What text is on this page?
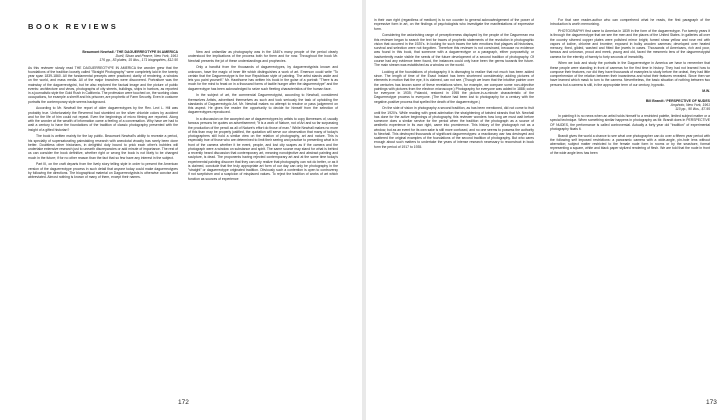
BOOK REVIEWS
Beaumont Newhall / THE DAGUERREOTYPE IN AMERICA
Duell, Sloan and Pearce, New York, 1961
176 pp., 83 plates, 15 illus., 171 biographies, $12.50

As this reviewer slowly read THE DAGUERREOTYPE IN AMERICA the wonder grew that the foundations of the tradition loosely called "Straight Photography" were completely laid in the twenty year span 1839-1860. All the fundamental precepts were practiced; clarity of rendering, a window on the world, and mass media. All of the major branches were discovered. Portraiture was the mainstay of the daguerreotypist, but he also explored the factual image and the picture of public events: architecture and views, photographs of city streets, buildings, ships in harbors, as reported in a journalistic style the Gold Rush in California. The profession were touched on, the working class occupations, for example a sheriff and his prisoner, are prophetic of Farm Security. Even in costume portraits the contemporary style seems background.

According to Mr. Newhall the report of older daguerreotypes by the Rev. Levi L. Hill was probably true. Unfortunately the Reverend had stumbled on the silver chloride colors by accident and for the life of him could not repeat. Even the beginnings of micro filming are reported. Along with the wonder at the wealth of information came a feeling of a conversation. Why have we had to wait a century to have the foundations of the tradition of classic photography presented with the insight of a gifted historian?

The book is written mainly for the lay public. Beaumont Newhall's ability to recreate a period, his specialty of supersaturating painstaking research with anecdotal vivacity has rarely been done better. Doubtless other historians, in delightful duty bound to prick each other's bubbles will undertake extensive research just to unearth discrepancies or add minute of importance. The rest of us can consider the book definitive, whether right or wrong the book is not likely to be changed much in the future; if for no other reason than the fact that so few have any interest in the subject.

Part III, on the craft departs from the lively story telling style in order to present the American version of the daguerreotype process in such detail that anyone today could make daguerreotypes by following the directions. The biographical material on Daguerreotypists is otherwise concise and abbreviated. Almost nothing is known of many of them, except their names.

New and unfamiliar as photography was in the 1840's many people of the period clearly understood the implications of the process both for them and for now. Throughout the book Mr. Newhall presents the jot of these understandings and prophecies.

Only a handful from the thousands of daguerreotypes, by daguerreotypists known and unknown, have the magic of inner life which distinguishes a work of art. Emerson could write "To certain that the Daguerreotype is the true Republican style of painting. The artist stands aside and lets you paint yourself." Mr. Hawthorne has written his book in the guise of a portrait: "There is as much for the mind to feast on in a thousand forms of tactile hunger after the daguerreotype" and the daguerreotype has been acknowledged to seize such fleeting characteristics of the human face.

In the subject of art, the commercial Daguerreotypist, according to Newhall, considered themselves Artists, advertised themselves as such and took seriously the task of upholding the standards of Daguerreotypic Art. Mr. Newhall makes no attempt to resolve or pass judgement on this aspect. He gives the reader the opportunity to decide for himself from the selection of daguerreotypes reproduced.

In a discussion on the accepted use of daguerreotypes by artists to copy likenesses of, usually famous persons he quotes an advertisement; "It is a work of Nature, not of Art and so far surpassing the production of the pencil as all of Nature's effort do those of man." While Newhall makes no more of this than may be properly justified, the quotation will serve our observation that many of today's photographers still hold a similar view on the relation of photography, art and nature. This is especially true of those who are determined to limit their seeing and practice to presenting what is in front of the camera whether it be event, people, and lost city scapes as if the camera and the photograph were a window on substance and spirit. The same source may stand for what is behind a recently heard discussion that contemporary art, meaning nonobjective and abstract painting and sculpture, is dead. The proponents having rejected contemporary art and at the same time today's experimental painting discover that they can only realize that photography can not do better, or as it is claimed, conclude that the truly appropriate art form of our day can only be photography in the "straight" or daguerreotype originated tradition. Obviously such a contention is open to controversy if not scepticism and a suspicion of misplaced values. To reject the tradition of works of art which function as sources of experience

172

in their own right (regardless of medium) is to run counter to general acknowledgement of the power of expressive form in art, on the findings of psychologists who investigate the manifestations of expressive form.

Considering the astonishing range of perceptiveness displayed by the people of the Daguerrean era this reviewer began to search the text for traces of prophetic statements of the revolution in photographic vision that occurred in the 1920's. In looking for such traces the twin emotions that plagues all historians, survival and selection were not forgotten. Therefore this reviewer is not convinced, because no evidence was found in this book, that someone with a daguerreotype or a paragraph, either purposefully, or inadvertently made visible the seeds of the future development of a second tradition of photography. Of course had any evidence been found, the instances could only have been the germs towards the future. The main stream was established as a window on the world.

Looking at the foundations of photography it is dismaying to realize that not much has been added since. The length of time of the Exact Instant has been shortened considerably; adding pictures of elements in motion that the eye, it is claimed, can not see. (Though we learn that the intuitive painter over the centuries has known some of these revelations when, for example, we compare some non-objective paintings with pictures from the electron microscope.) Photography for everyone was added in 1888; color for everyone in 1935; Polaroid, restored in 1955 the picture-in-a-minute characteristic of the Daguerreotype process to everyone. (The feature had been lost to photography for a century with the negative-positive process that spelled the death of the daguerreotype.)

On the side of vision in photography a second tradition, as has been mentioned, did not come to fruit until the 1920's. While reading with great admiration the straightening of twisted strands that Mr. Newhall has done for the active beginnings of photography, this reviewer wonders how long we must wait before someone does a similar service for the period when the tradition of the photograph as a source of aesthetic experience in its own right, came into prominence. This history of the photograph not as a window, but as an event for its own sake is still more confused, and no one seems to possess the authority to Newhall. This destroyed thousands of significant daguerreotypes: a reactionary war has destroyed and scattered the original examples of the foundations of the second tradition of photography. But who cares enough about such matters to undertake the years of intense research necessary to reconstruct in book form the period of 1917 to 1935.

For that rare reader-author who can comprehend what he reads, the first paragraph of the Introduction is worth memorizing.

PHOTOGRAPHY first came to America in 1839 in the form of the daguerreotype. For twenty years it is through the daguerreotype that we see the men and the places of the United States. In galleries all over the country silvered copper plates were polished mirror bright; fumed straw yellow and rose red with vapors of iodine, chlorine and bromine; exposed in bulky wooden cameras; developed over heated mercury; fixed, gilded, washed and fitted like jewels in cases. Thousands of Americans, rich and poor, famous and unknown, proud and meek, young and old, faced the mesmeric lens of the daguerreotypist camera for the eternity of twenty to forty seconds of immobility.

When we look and study the portraits in the Daguerreotype in America we have to remember that these people were standing in front of cameras for the first time in history. They had not learned how to compose their features, nor did they have thousands of examples to study before the ordeal, they had little comprehension of the relation between their inwardness and what their features revealed. Since then we have learned which mask to turn to the camera. Nevertheless, the basic situation of nothing between two persons but a camera is still, in the appropriate term of our century, hypnotic.

M.W.
Bill Brandt / PERSPECTIVE OF NUDES
Amphoto, New York, 1961
110 pp., 90 illus., $7.95

In painting it is no news when an artist holds himself to a restricted palette, limited subject matter or a special technique. When something similar happens in photography as Mr. Brandt does in PERSPECTIVE OF NUDES, the performance is called controversial. Actually a forty year old "tradition" of experimental photography floats it.

Brandt gives the world a chance to see what one photographer can do over a fifteen year period with the following self imposed restrictions: a panoramic camera with a wide-angle, pin-hole lens without aberration; subject matter restricted to the female nude form in rooms or by the seashore, format representing a square, white and black paper stylized rendering of flesh. We are told that the nude in front of the wide angle lens has been

173
